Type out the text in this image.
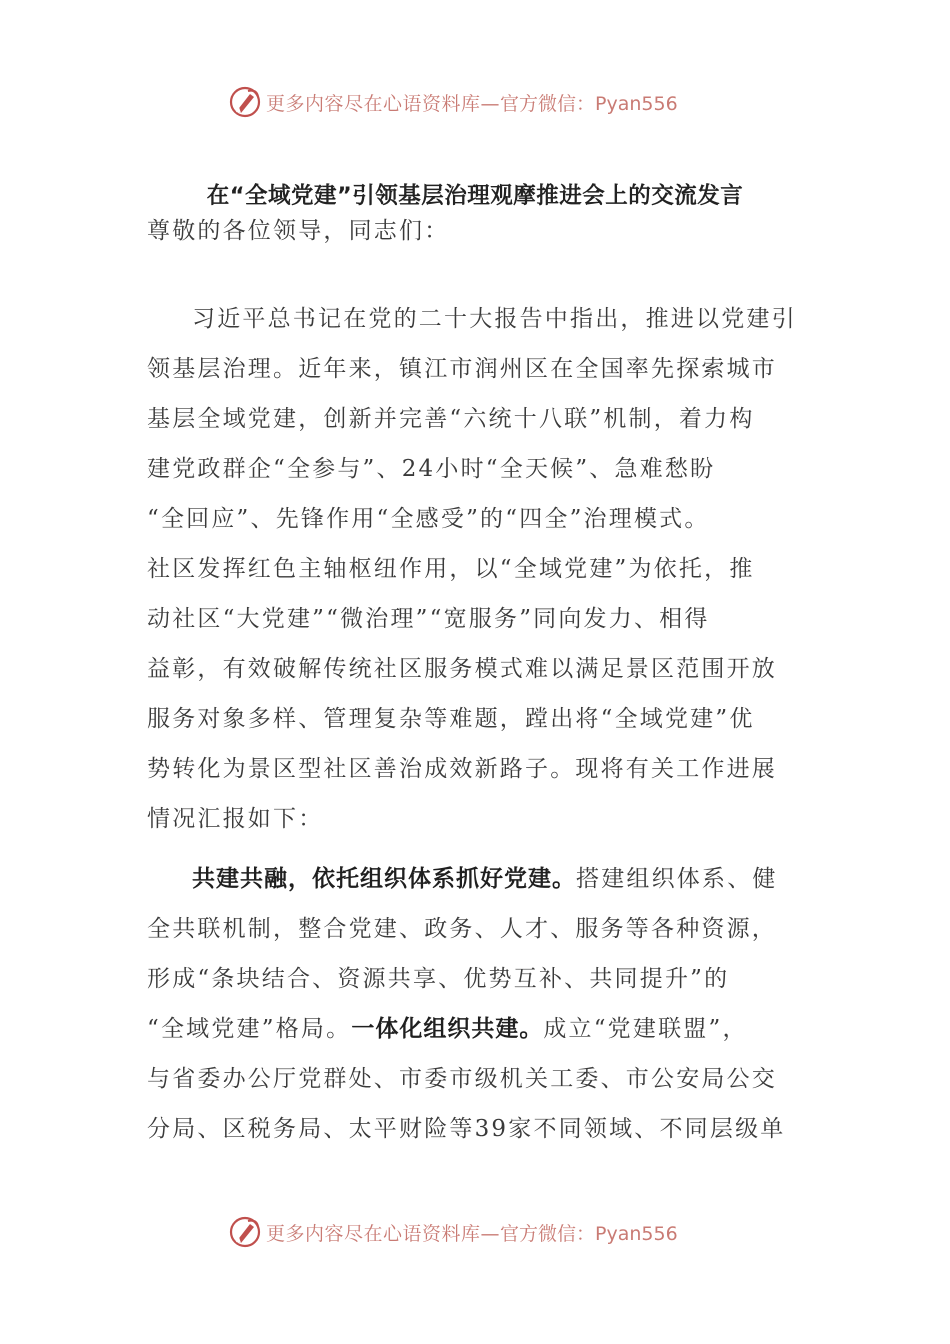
更多内容尽在心语资料库— 官方微信：Pyan556
在“全域党建”引领基层治理观摩推进会上的交流发言
尊敬的各位领导，同志们：
习近平总书记在党的二十大报告中指出，推进以党建引
领基层治理。近年来，镇江市润州区在全国率先探索城市
基层全域党建，创新并完善“六统十八联”机制，着力构
建党政群企“全参与”、24小时“全天候”、急难愁盼
“全回应”、先锋作用“全感受”的“四全”治理模式。
社区发挥红色主轴枢纽作用，以“全域党建”为依托，推
动社区“大党建”“微治理”“宽服务”同向发力、相得
益彰，有效破解传统社区服务模式难以满足景区范围开放
服务对象多样、管理复杂等难题，蹚出将“全域党建”优
势转化为景区型社区善治成效新路子。现将有关工作进展
情况汇报如下：
共建共融，依托组织体系抓好党建。搭建组织体系、健
全共联机制，整合党建、政务、人才、服务等各种资源，
形成“条块结合、资源共享、优势互补、共同提升”的
“全域党建”格局。一体化组织共建。成立“党建联盟”，
与省委办公厅党群处、市委市级机关工委、市公安局公交
分局、区税务局、太平财险等39家不同领域、不同层级单
更多内容尽在心语资料库— 官方微信：Pyan556
